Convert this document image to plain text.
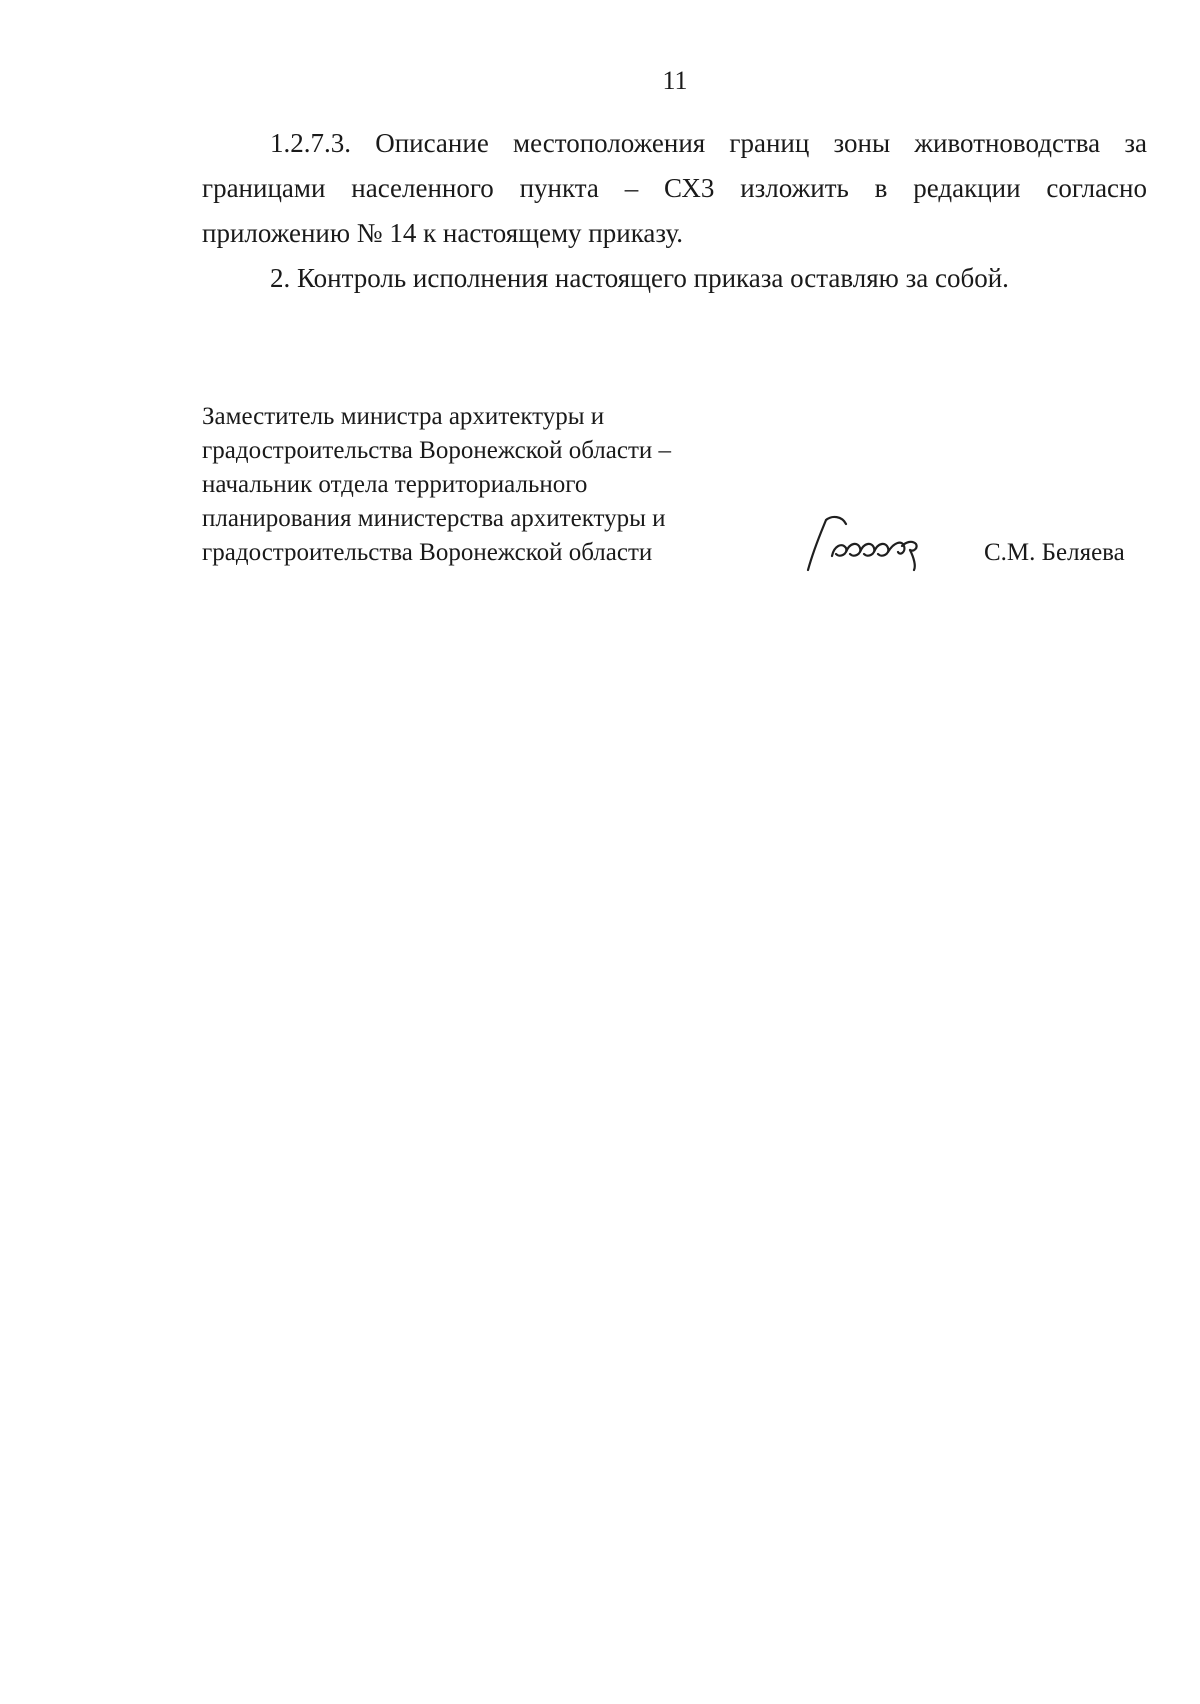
11

1.2.7.3. Описание местоположения границ зоны животноводства за границами населенного пункта – СХ3 изложить в редакции согласно приложению № 14 к настоящему приказу.

2. Контроль исполнения настоящего приказа оставляю за собой.

Заместитель министра архитектуры и
градостроительства Воронежской области –
начальник отдела территориального
планирования министерства архитектуры и
градостроительства Воронежской области	С.М. Беляева
